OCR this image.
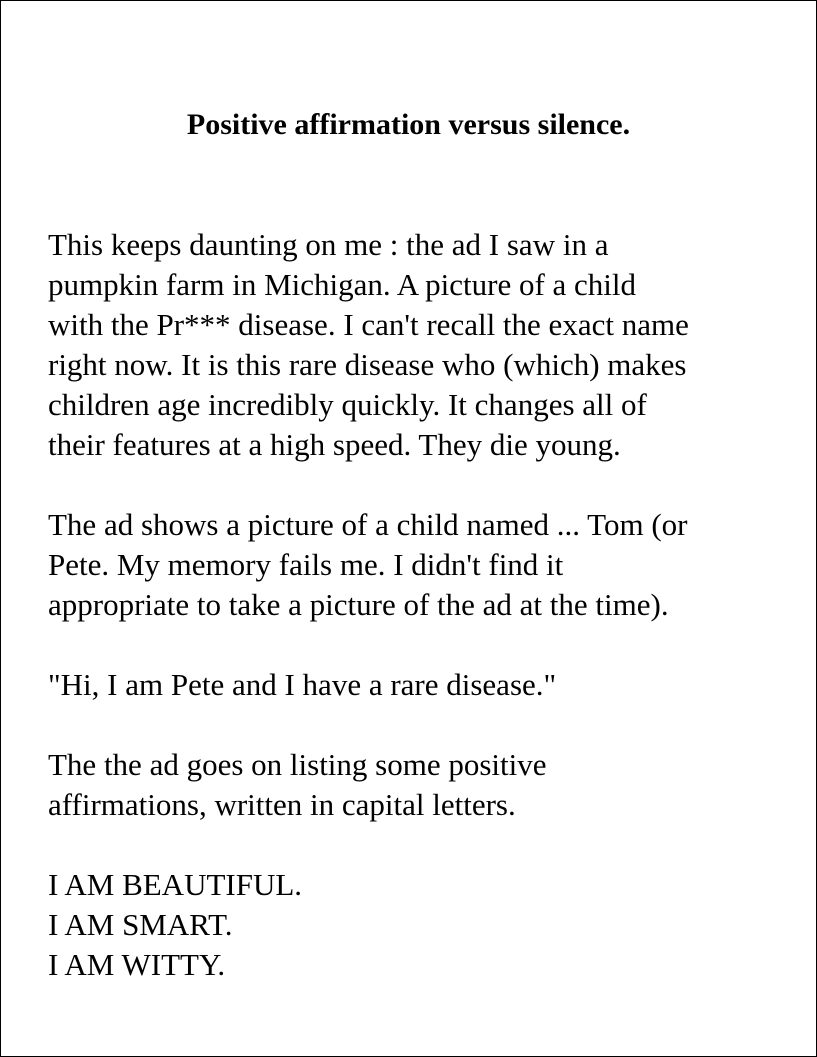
Positive affirmation versus silence.

This keeps daunting on me : the ad I saw in a
pumpkin farm in Michigan. A picture of a child
with the Pr*** disease. I can't recall the exact name
right now. It is this rare disease who (which) makes
children age incredibly quickly. It changes all of
their features at a high speed. They die young.

The ad shows a picture of a child named ... Tom (or
Pete. My memory fails me. I didn't find it
appropriate to take a picture of the ad at the time).

"Hi, I am Pete and I have a rare disease."

The the ad goes on listing some positive
affirmations, written in capital letters.

I AM BEAUTIFUL.
I AM SMART.
I AM WITTY.
